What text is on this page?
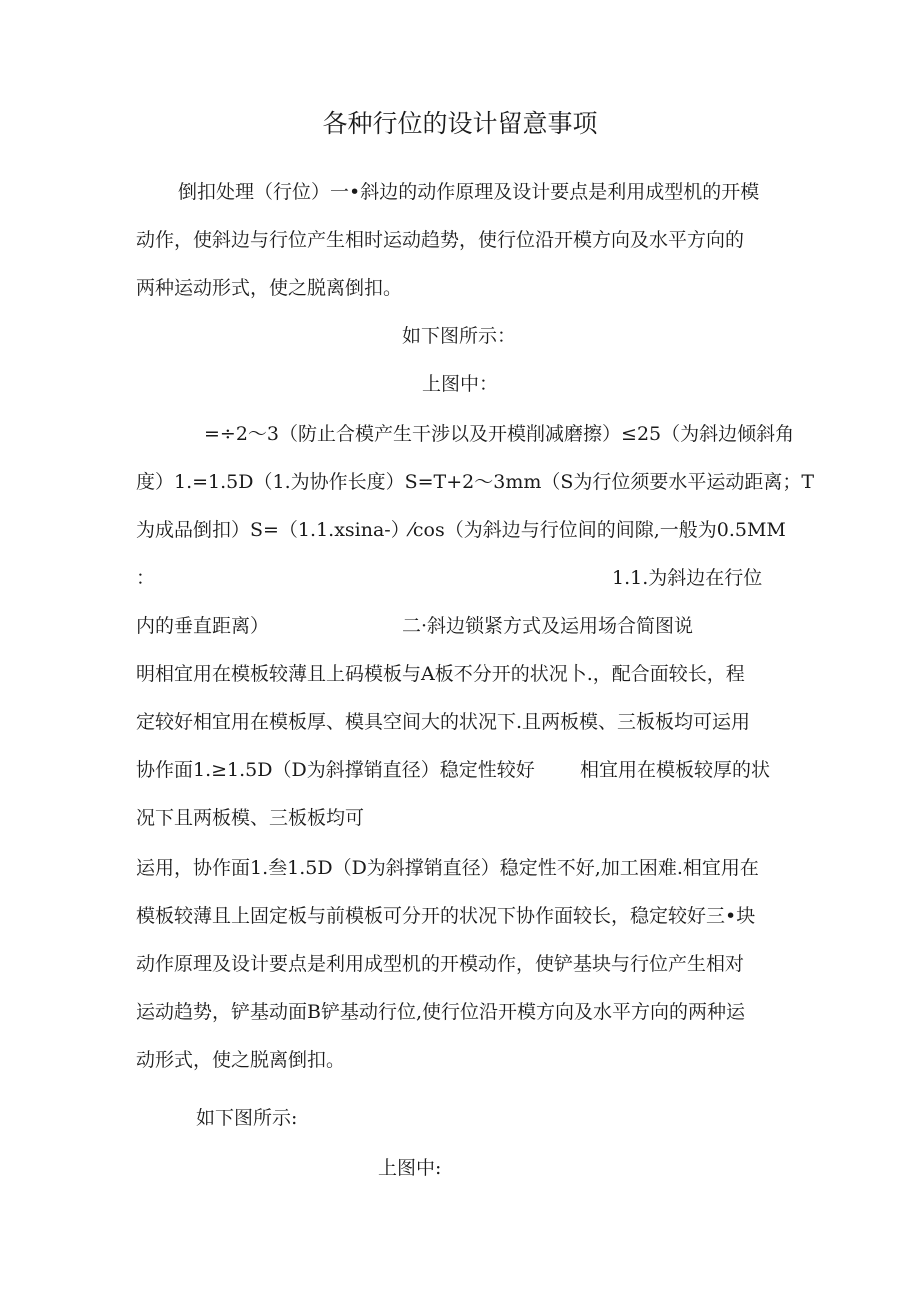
各种行位的设计留意事项
倒扣处理（行位）一•斜边的动作原理及设计要点是利用成型机的开模
动作，使斜边与行位产生相时运动趋势，使行位沿开模方向及水平方向的
两种运动形式，使之脱离倒扣。
如下图所示：
上图中：
=÷2～3（防止合模产生干涉以及开模削减磨擦）≤25（为斜边倾斜角
度）1.=1.5D（1.为协作长度）S=T+2～3mm（S为行位须要水平运动距离；T
为成品倒扣）S=（1.1.xsina-）⁄cos（为斜边与行位间的间隙,一般为0.5MM
：	1.1.为斜边在行位
内的垂直距离）	二·斜边锁紧方式及运用场合简图说
明相宜用在模板较薄且上码模板与A板不分开的状况卜.，配合面较长，程
定较好相宜用在模板厚、模具空间大的状况下.且两板模、三板板均可运用
协作面1.≥1.5D（D为斜撑销直径）稳定性较好 相宜用在模板较厚的状
况下且两板模、三板板均可
运用，协作面1.叁1.5D（D为斜撑销直径）稳定性不好,加工困难.相宜用在
模板较薄且上固定板与前模板可分开的状况下协作面较长，稳定较好三•块
动作原理及设计要点是利用成型机的开模动作，使铲基块与行位产生相对
运动趋势，铲基动面B铲基动行位,使行位沿开模方向及水平方向的两种运
动形式，使之脱离倒扣。
如下图所示:
上图中:
